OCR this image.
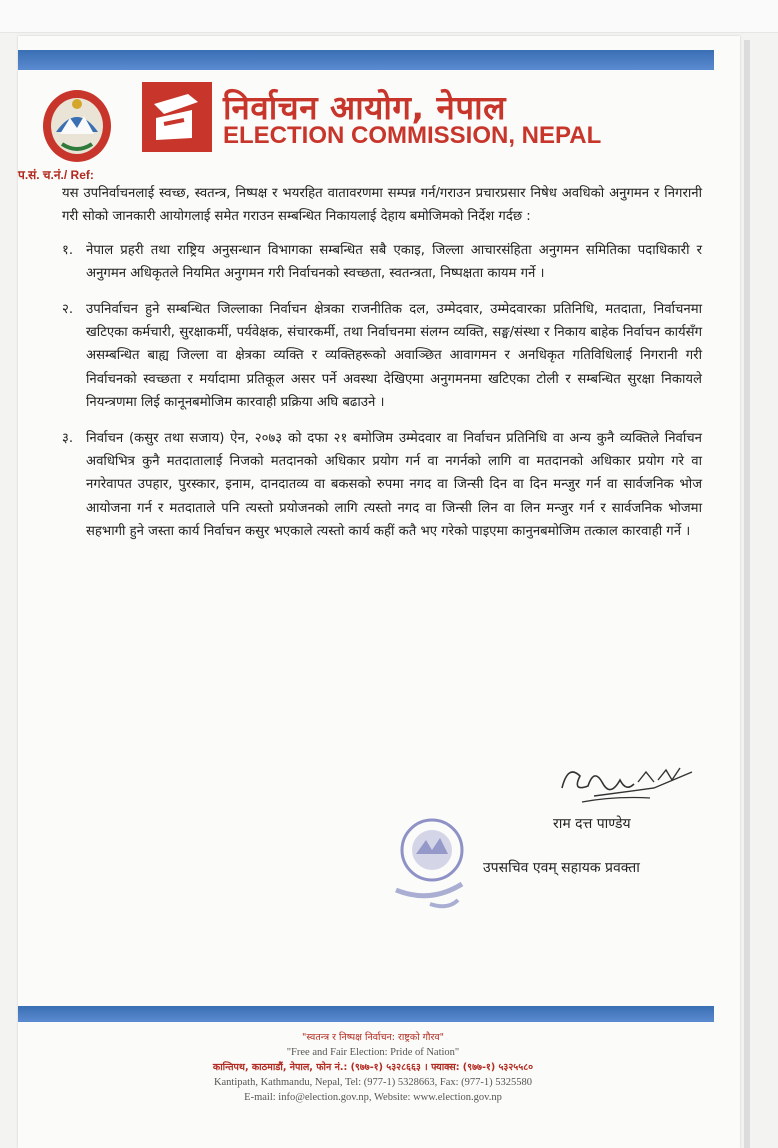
निर्वाचन आयोग, नेपाल
ELECTION COMMISSION, NEPAL
प.सं. च.नं./ Ref:

यस उपनिर्वाचनलाई स्वच्छ, स्वतन्त्र, निष्पक्ष र भयरहित वातावरणमा सम्पन्न गर्न/गराउन प्रचारप्रसार निषेध अवधिको अनुगमन र निगरानी गरी सोको जानकारी आयोगलाई समेत गराउन सम्बन्धित निकायलाई देहाय बमोजिमको निर्देश गर्दछ :

१. नेपाल प्रहरी तथा राष्ट्रिय अनुसन्धान विभागका सम्बन्धित सबै एकाइ, जिल्ला आचारसंहिता अनुगमन समितिका पदाधिकारी र अनुगमन अधिकृतले नियमित अनुगमन गरी निर्वाचनको स्वच्छता, स्वतन्त्रता, निष्पक्षता कायम गर्ने ।
२. उपनिर्वाचन हुने सम्बन्धित जिल्लाका निर्वाचन क्षेत्रका राजनीतिक दल, उम्मेदवार, उम्मेदवारका प्रतिनिधि, मतदाता, निर्वाचनमा खटिएका कर्मचारी, सुरक्षाकर्मी, पर्यवेक्षक, संचारकर्मी, तथा निर्वाचनमा संलग्न व्यक्ति, सङ्घ/संस्था र निकाय बाहेक निर्वाचन कार्यसँग असम्बन्धित बाह्य जिल्ला वा क्षेत्रका व्यक्ति र व्यक्तिहरूको अवाञ्छित आवागमन र अनधिकृत गतिविधिलाई निगरानी गरी निर्वाचनको स्वच्छता र मर्यादामा प्रतिकूल असर पर्ने अवस्था देखिएमा अनुगमनमा खटिएका टोली र सम्बन्धित सुरक्षा निकायले नियन्त्रणमा लिई कानूनबमोजिम कारवाही प्रक्रिया अघि बढाउने ।
३. निर्वाचन (कसुर तथा सजाय) ऐन, २०७३ को दफा २१ बमोजिम उम्मेदवार वा निर्वाचन प्रतिनिधि वा अन्य कुनै व्यक्तिले निर्वाचन अवधिभित्र कुनै मतदातालाई निजको मतदानको अधिकार प्रयोग गर्न वा नगर्नको लागि वा मतदानको अधिकार प्रयोग गरे वा नगरेवापत उपहार, पुरस्कार, इनाम, दानदातव्य वा बकसको रुपमा नगद वा जिन्सी दिन वा दिन मन्जुर गर्न वा सार्वजनिक भोज आयोजना गर्न र मतदाताले पनि त्यस्तो प्रयोजनको लागि त्यस्तो नगद वा जिन्सी लिन वा लिन मन्जुर गर्न र सार्वजनिक भोजमा सहभागी हुने जस्ता कार्य निर्वाचन कसुर भएकाले त्यस्तो कार्य कहीं कतै भए गरेको पाइएमा कानुनबमोजिम तत्काल कारवाही गर्ने ।
राम दत्त पाण्डेय
उपसचिव एवम् सहायक प्रवक्ता
"स्वतन्त्र र निष्पक्ष निर्वाचन: राष्ट्रको गौरव"
"Free and Fair Election: Pride of Nation"
कान्तिपथ, काठमाडौं, नेपाल, फोन नं.: (९७७-१) ५३२८६६३ । फ्याक्स: (९७७-१) ५३२५५८०
Kantipath, Kathmandu, Nepal, Tel: (977-1) 5328663, Fax: (977-1) 5325580
E-mail: info@election.gov.np, Website: www.election.gov.np
